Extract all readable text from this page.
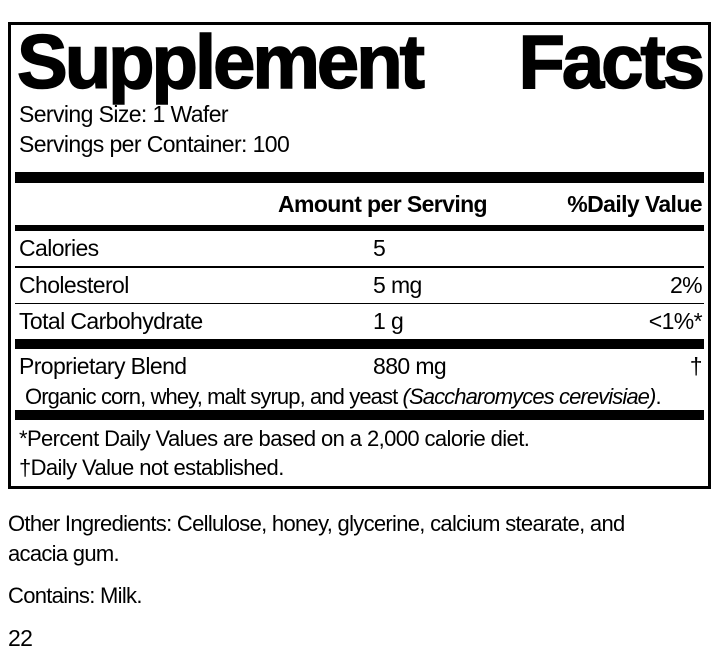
Supplement Facts
Serving Size: 1 Wafer
Servings per Container: 100
Amount per Serving	%Daily Value
Calories	5
Cholesterol	5 mg	2%
Total Carbohydrate	1 g	<1%*
Proprietary Blend	880 mg	†
Organic corn, whey, malt syrup, and yeast (Saccharomyces cerevisiae).
*Percent Daily Values are based on a 2,000 calorie diet.
†Daily Value not established.
Other Ingredients: Cellulose, honey, glycerine, calcium stearate, and
acacia gum.
Contains: Milk.
22
